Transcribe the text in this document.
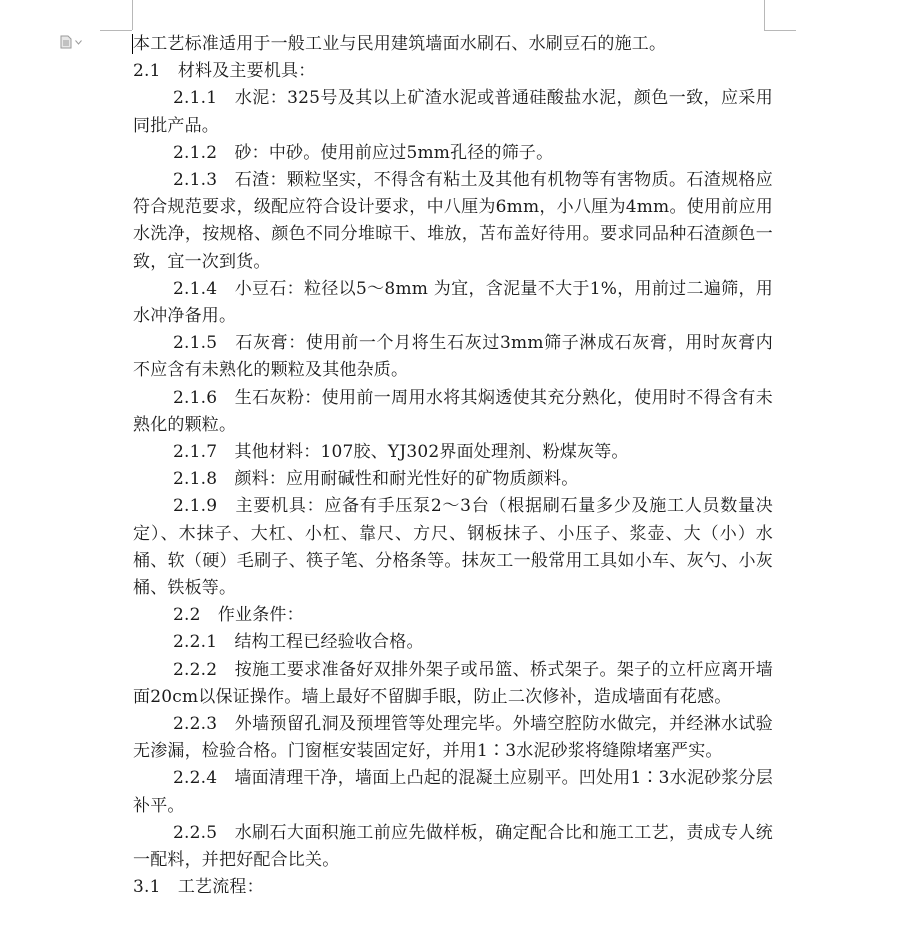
本工艺标准适用于一般工业与民用建筑墙面水刷石、水刷豆石的施工。

2.1　材料及主要机具：

2.1.1　水泥：325号及其以上矿渣水泥或普通硅酸盐水泥，颜色一致，应采用同批产品。

2.1.2　砂：中砂。使用前应过5mm孔径的筛子。

2.1.3　石渣：颗粒坚实，不得含有粘土及其他有机物等有害物质。石渣规格应符合规范要求，级配应符合设计要求，中八厘为6mm，小八厘为4mm。使用前应用水洗净，按规格、颜色不同分堆晾干、堆放，苫布盖好待用。要求同品种石渣颜色一致，宜一次到货。

2.1.4　小豆石：粒径以5～8mm 为宜，含泥量不大于1%，用前过二遍筛，用水冲净备用。

2.1.5　石灰膏：使用前一个月将生石灰过3mm筛子淋成石灰膏，用时灰膏内不应含有未熟化的颗粒及其他杂质。

2.1.6　生石灰粉：使用前一周用水将其焖透使其充分熟化，使用时不得含有未熟化的颗粒。

2.1.7　其他材料：107胶、YJ302界面处理剂、粉煤灰等。

2.1.8　颜料：应用耐碱性和耐光性好的矿物质颜料。

2.1.9　主要机具：应备有手压泵2～3台（根据刷石量多少及施工人员数量决定）、木抹子、大杠、小杠、靠尺、方尺、钢板抹子、小压子、浆壶、大（小）水桶、软（硬）毛刷子、筷子笔、分格条等。抹灰工一般常用工具如小车、灰勺、小灰桶、铁板等。

2.2　作业条件：

2.2.1　结构工程已经验收合格。

2.2.2　按施工要求准备好双排外架子或吊篮、桥式架子。架子的立杆应离开墙面20cm以保证操作。墙上最好不留脚手眼，防止二次修补，造成墙面有花感。

2.2.3　外墙预留孔洞及预埋管等处理完毕。外墙空腔防水做完，并经淋水试验无渗漏，检验合格。门窗框安装固定好，并用1∶3水泥砂浆将缝隙堵塞严实。

2.2.4　墙面清理干净，墙面上凸起的混凝土应剔平。凹处用1∶3水泥砂浆分层补平。

2.2.5　水刷石大面积施工前应先做样板，确定配合比和施工工艺，责成专人统一配料，并把好配合比关。

3.1　工艺流程：
